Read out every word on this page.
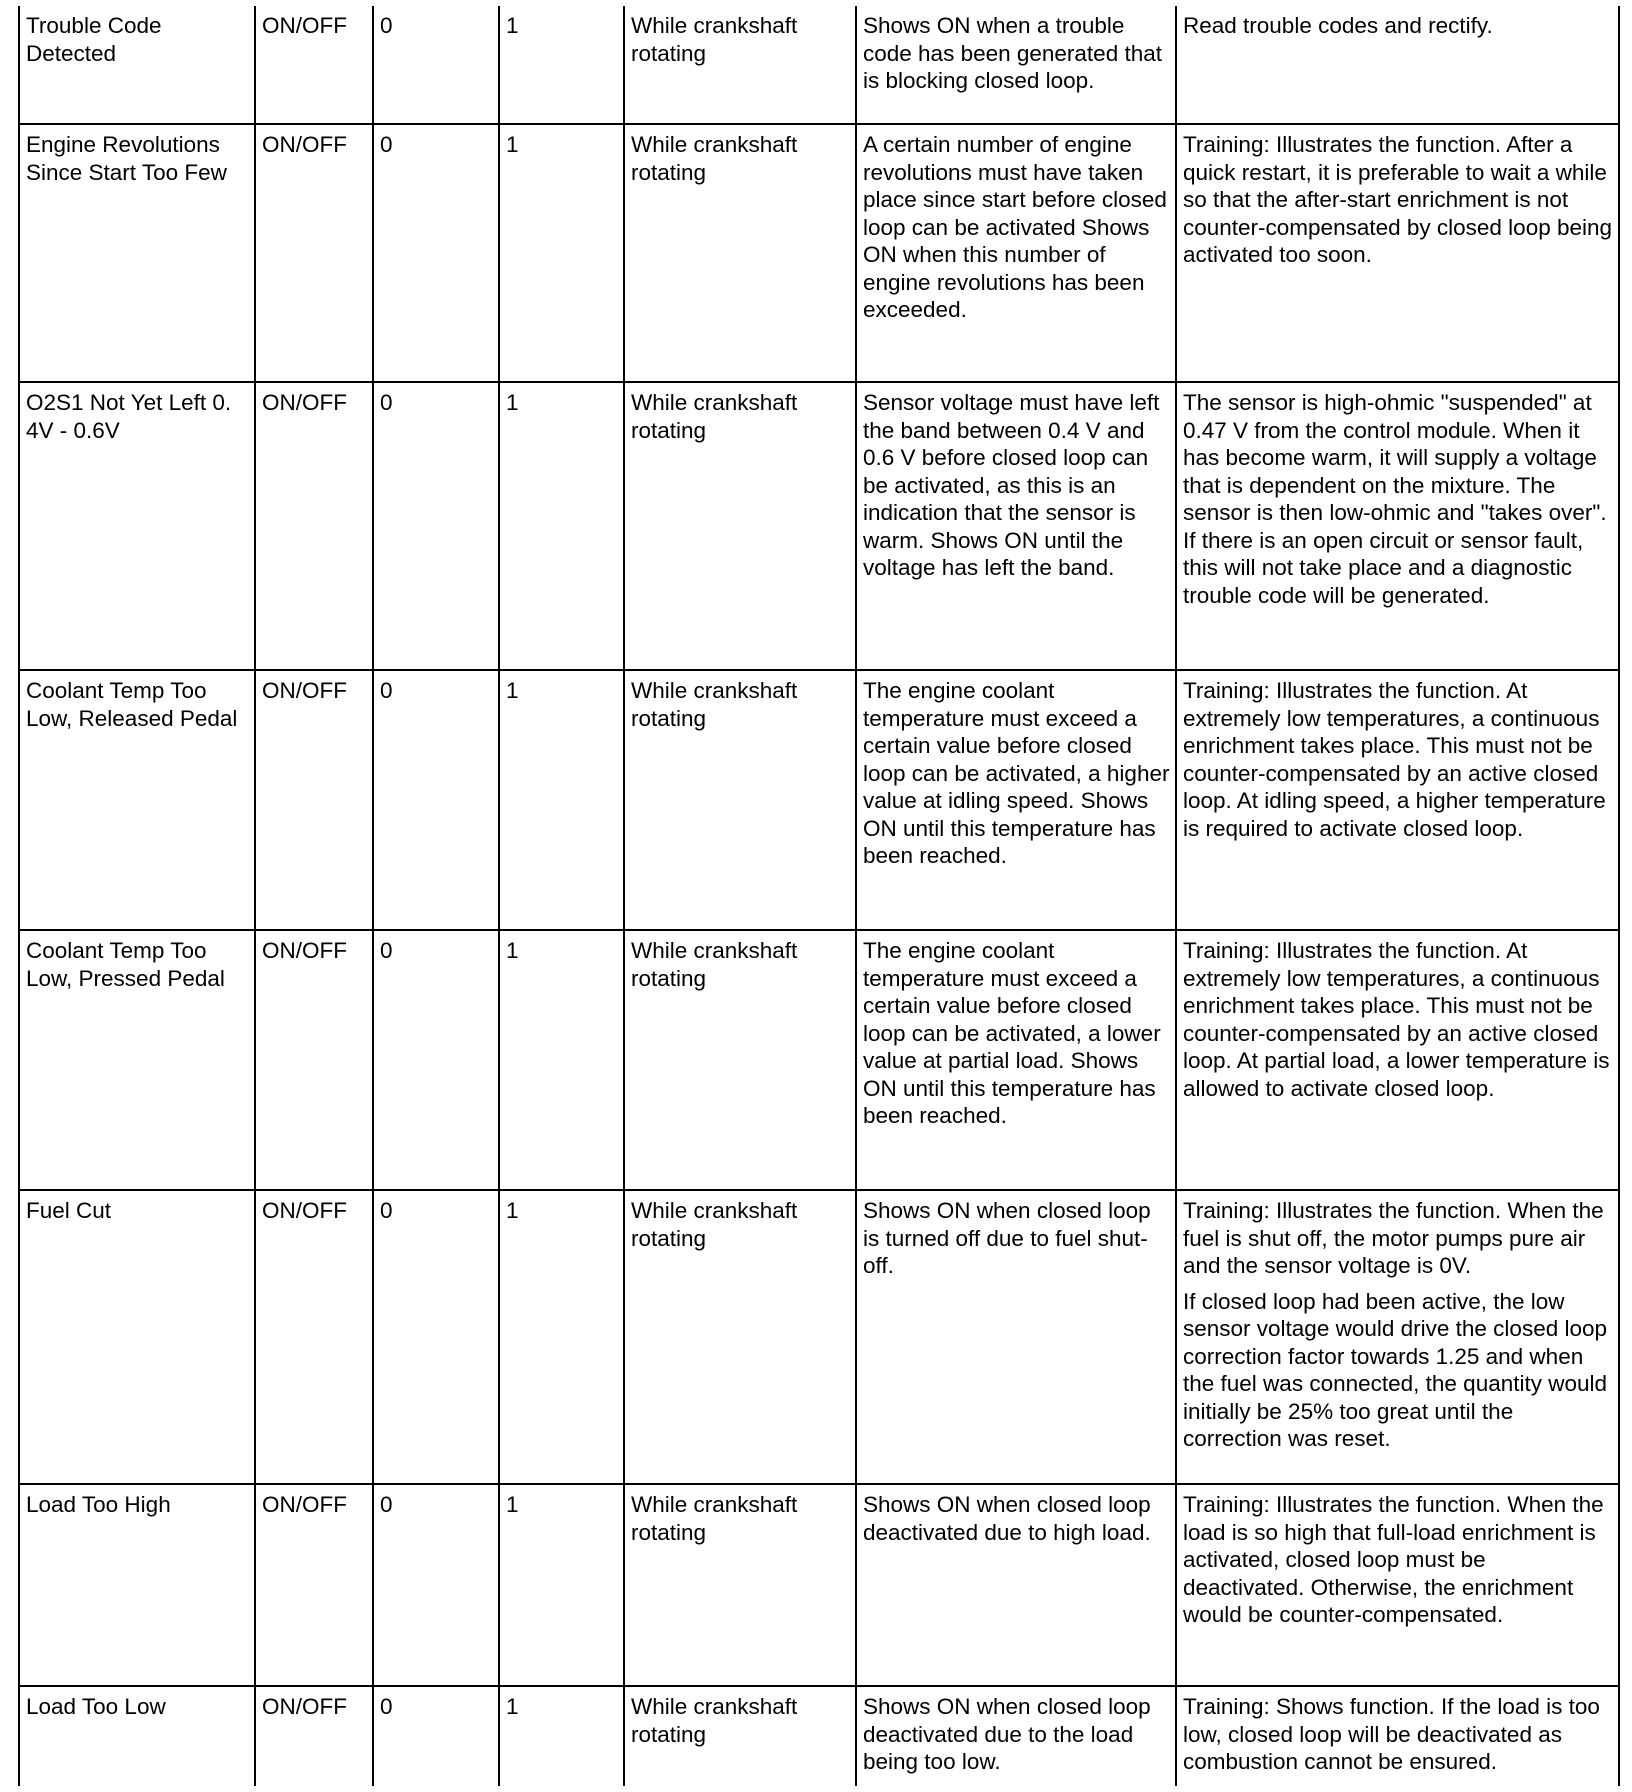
Trouble Code Detected	ON/OFF	0	1	While crankshaft rotating	Shows ON when a trouble code has been generated that is blocking closed loop.	Read trouble codes and rectify.

Engine Revolutions Since Start Too Few	ON/OFF	0	1	While crankshaft rotating	A certain number of engine revolutions must have taken place since start before closed loop can be activated Shows ON when this number of engine revolutions has been exceeded.	Training: Illustrates the function. After a quick restart, it is preferable to wait a while so that the after-start enrichment is not counter-compensated by closed loop being activated too soon.
O2S1 Not Yet Left 0. 4V - 0.6V	ON/OFF	0	1	While crankshaft rotating	Sensor voltage must have left the band between 0.4 V and 0.6 V before closed loop can be activated, as this is an indication that the sensor is warm. Shows ON until the voltage has left the band.	The sensor is high-ohmic "suspended" at 0.47 V from the control module. When it has become warm, it will supply a voltage that is dependent on the mixture. The sensor is then low-ohmic and "takes over". If there is an open circuit or sensor fault, this will not take place and a diagnostic trouble code will be generated.
Coolant Temp Too Low, Released Pedal	ON/OFF	0	1	While crankshaft rotating	The engine coolant temperature must exceed a certain value before closed loop can be activated, a higher value at idling speed. Shows ON until this temperature has been reached.	Training: Illustrates the function. At extremely low temperatures, a continuous enrichment takes place. This must not be counter-compensated by an active closed loop. At idling speed, a higher temperature is required to activate closed loop.
Coolant Temp Too Low, Pressed Pedal	ON/OFF	0	1	While crankshaft rotating	The engine coolant temperature must exceed a certain value before closed loop can be activated, a lower value at partial load. Shows ON until this temperature has been reached.	Training: Illustrates the function. At extremely low temperatures, a continuous enrichment takes place. This must not be counter-compensated by an active closed loop. At partial load, a lower temperature is allowed to activate closed loop.
Fuel Cut	ON/OFF	0	1	While crankshaft rotating	Shows ON when closed loop is turned off due to fuel shut-off.	Training: Illustrates the function. When the fuel is shut off, the motor pumps pure air and the sensor voltage is 0V.
If closed loop had been active, the low sensor voltage would drive the closed loop correction factor towards 1.25 and when the fuel was connected, the quantity would initially be 25% too great until the correction was reset.

Load Too High	ON/OFF	0	1	While crankshaft rotating	Shows ON when closed loop deactivated due to high load.	Training: Illustrates the function. When the load is so high that full-load enrichment is activated, closed loop must be deactivated. Otherwise, the enrichment would be counter-compensated.
Load Too Low	ON/OFF	0	1	While crankshaft rotating	Shows ON when closed loop deactivated due to the load being too low.	Training: Shows function. If the load is too low, closed loop will be deactivated as combustion cannot be ensured.
